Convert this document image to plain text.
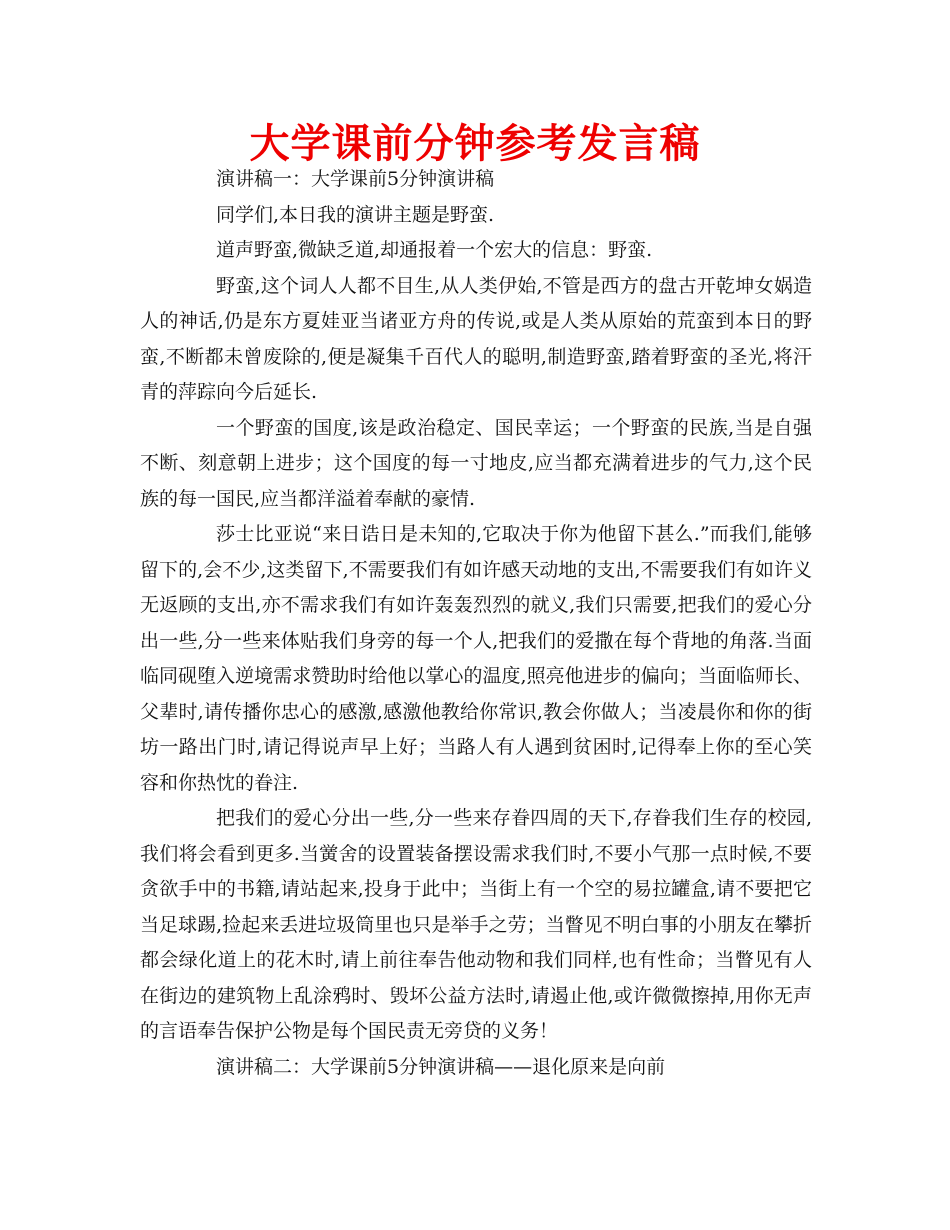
大学课前分钟参考发言稿

演讲稿一：大学课前5分钟演讲稿

同学们,本日我的演讲主题是野蛮.

道声野蛮,微缺乏道,却通报着一个宏大的信息：野蛮.

野蛮,这个词人人都不目生,从人类伊始,不管是西方的盘古开乾坤女娲造人的神话,仍是东方夏娃亚当诸亚方舟的传说,或是人类从原始的荒蛮到本日的野蛮,不断都未曾废除的,便是凝集千百代人的聪明,制造野蛮,踏着野蛮的圣光,将汗青的萍踪向今后延长.

一个野蛮的国度,该是政治稳定、国民幸运；一个野蛮的民族,当是自强不断、刻意朝上进步；这个国度的每一寸地皮,应当都充满着进步的气力,这个民族的每一国民,应当都洋溢着奉献的豪情.

莎士比亚说“来日诰日是未知的,它取决于你为他留下甚么.”而我们,能够留下的,会不少,这类留下,不需要我们有如许感天动地的支出,不需要我们有如许义无返顾的支出,亦不需求我们有如许轰轰烈烈的就义,我们只需要,把我们的爱心分出一些,分一些来体贴我们身旁的每一个人,把我们的爱撒在每个背地的角落.当面临同砚堕入逆境需求赞助时给他以掌心的温度,照亮他进步的偏向；当面临师长、父辈时,请传播你忠心的感激,感激他教给你常识,教会你做人；当凌晨你和你的街坊一路出门时,请记得说声早上好；当路人有人遇到贫困时,记得奉上你的至心笑容和你热忱的眷注.

把我们的爱心分出一些,分一些来存眷四周的天下,存眷我们生存的校园,我们将会看到更多.当黉舍的设置装备摆设需求我们时,不要小气那一点时候,不要贪欲手中的书籍,请站起来,投身于此中；当街上有一个空的易拉罐盒,请不要把它当足球踢,捡起来丢进垃圾筒里也只是举手之劳；当瞥见不明白事的小朋友在攀折都会绿化道上的花木时,请上前往奉告他动物和我们同样,也有性命；当瞥见有人在街边的建筑物上乱涂鸦时、毁坏公益方法时,请遏止他,或许微微擦掉,用你无声的言语奉告保护公物是每个国民责无旁贷的义务！

演讲稿二：大学课前5分钟演讲稿——退化原来是向前
